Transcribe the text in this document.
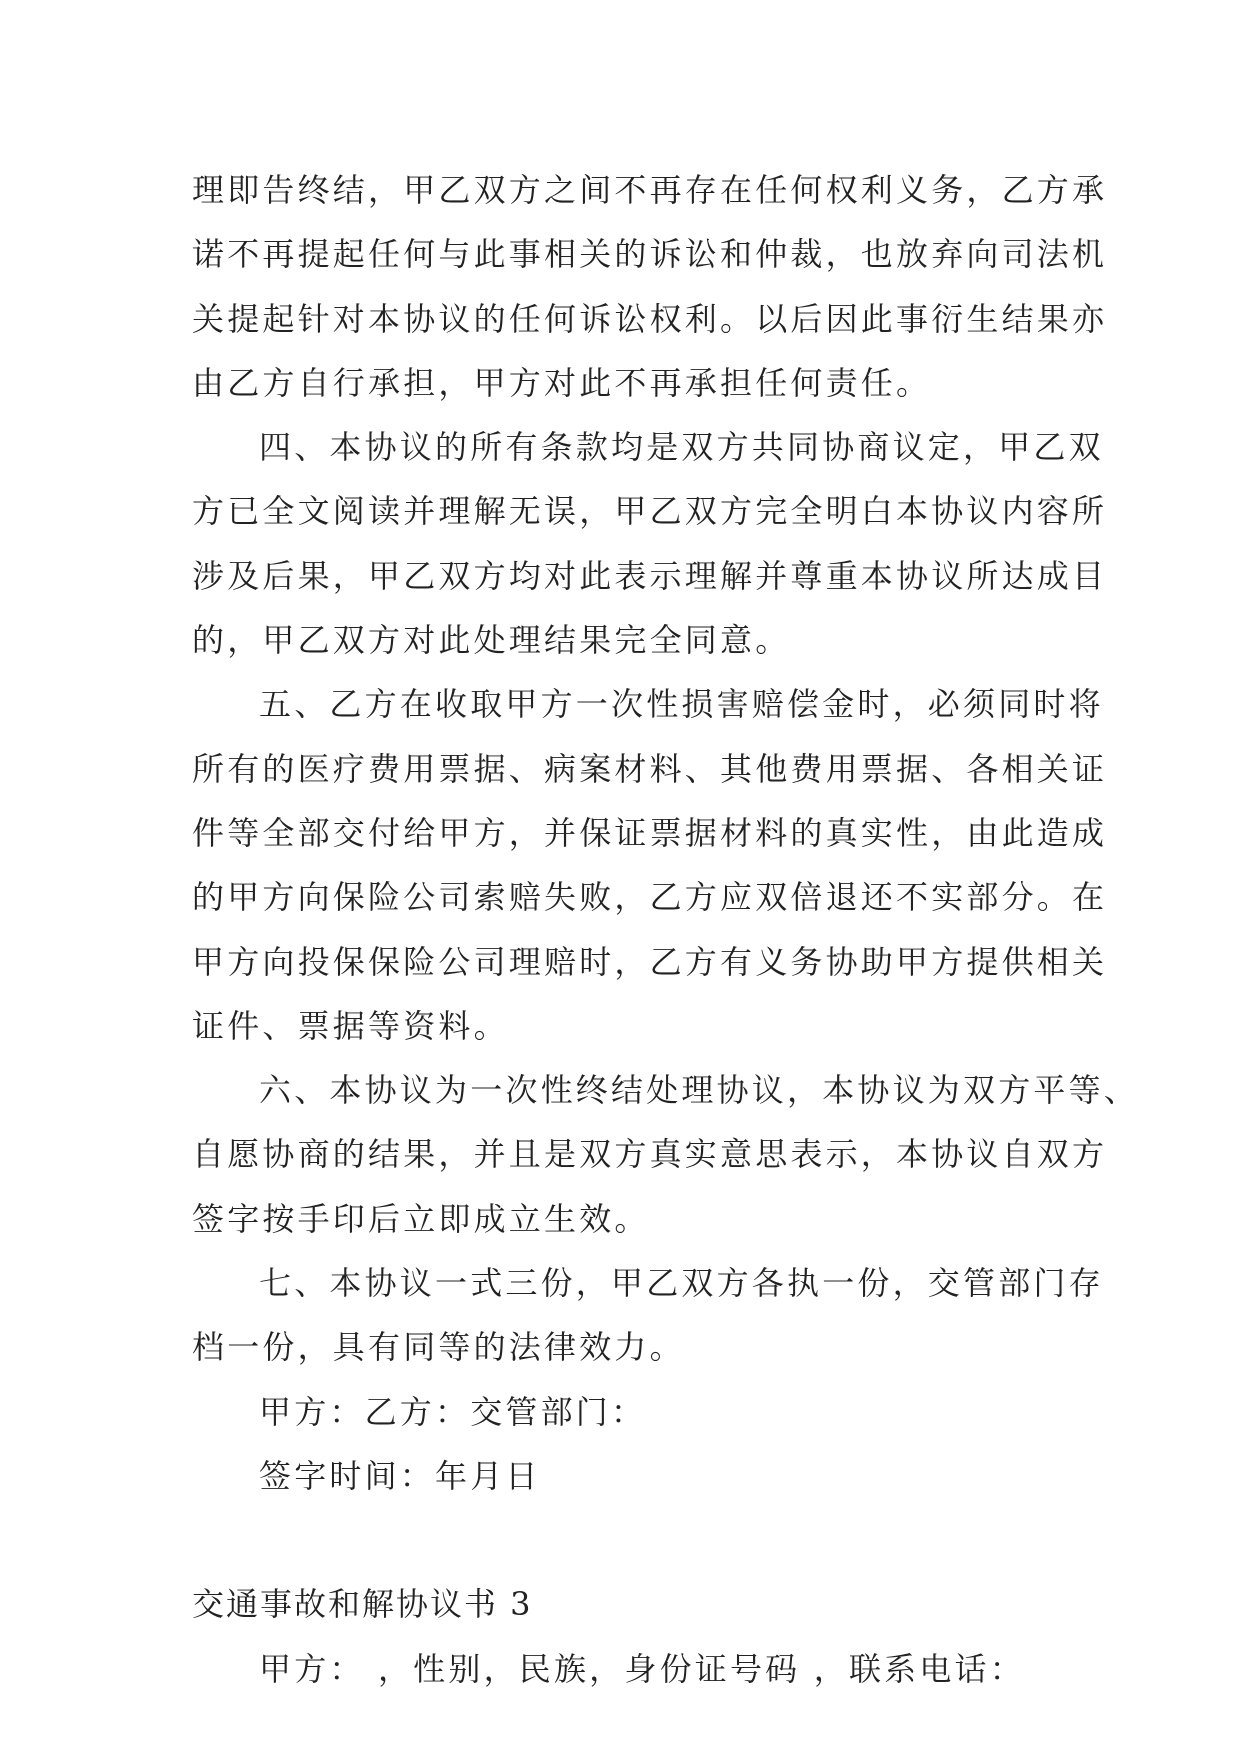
理即告终结，甲乙双方之间不再存在任何权利义务，乙方承
诺不再提起任何与此事相关的诉讼和仲裁，也放弃向司法机
关提起针对本协议的任何诉讼权利。以后因此事衍生结果亦
由乙方自行承担，甲方对此不再承担任何责任。
四、本协议的所有条款均是双方共同协商议定，甲乙双
方已全文阅读并理解无误，甲乙双方完全明白本协议内容所
涉及后果，甲乙双方均对此表示理解并尊重本协议所达成目
的，甲乙双方对此处理结果完全同意。
五、乙方在收取甲方一次性损害赔偿金时，必须同时将
所有的医疗费用票据、病案材料、其他费用票据、各相关证
件等全部交付给甲方，并保证票据材料的真实性，由此造成
的甲方向保险公司索赔失败，乙方应双倍退还不实部分。在
甲方向投保保险公司理赔时，乙方有义务协助甲方提供相关
证件、票据等资料。
六、本协议为一次性终结处理协议，本协议为双方平等、
自愿协商的结果，并且是双方真实意思表示，本协议自双方
签字按手印后立即成立生效。
七、本协议一式三份，甲乙双方各执一份，交管部门存
档一份，具有同等的法律效力。
甲方：乙方：交管部门：
签字时间：年月日
交通事故和解协议书 3
甲方： ，性别，民族，身份证号码 ，联系电话：
